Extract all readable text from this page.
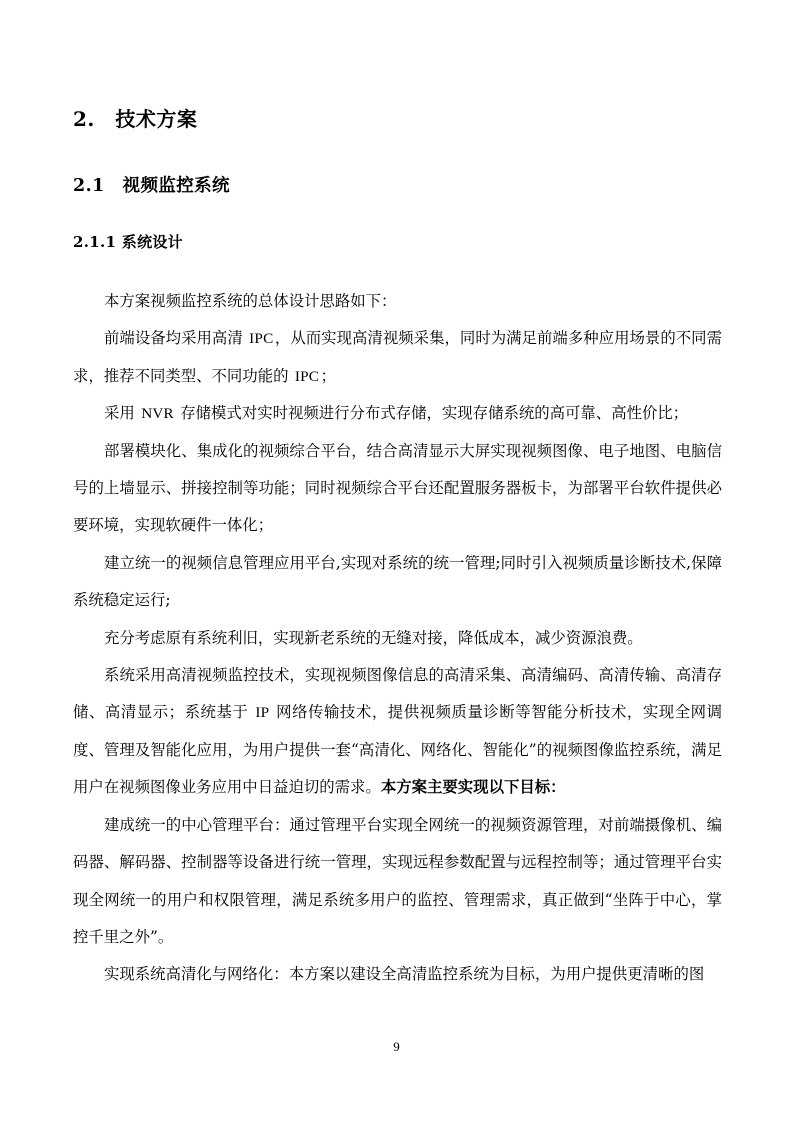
2.　技术方案
2.1　视频监控系统
2.1.1 系统设计

本方案视频监控系统的总体设计思路如下：

前端设备均采用高清 IPC，从而实现高清视频采集，同时为满足前端多种应用场景的不同需求，推荐不同类型、不同功能的 IPC；

采用 NVR 存储模式对实时视频进行分布式存储，实现存储系统的高可靠、高性价比；

部署模块化、集成化的视频综合平台，结合高清显示大屏实现视频图像、电子地图、电脑信号的上墙显示、拼接控制等功能；同时视频综合平台还配置服务器板卡，为部署平台软件提供必要环境，实现软硬件一体化；

建立统一的视频信息管理应用平台,实现对系统的统一管理;同时引入视频质量诊断技术,保障系统稳定运行;

充分考虑原有系统利旧，实现新老系统的无缝对接，降低成本，减少资源浪费。

系统采用高清视频监控技术，实现视频图像信息的高清采集、高清编码、高清传输、高清存储、高清显示；系统基于 IP 网络传输技术，提供视频质量诊断等智能分析技术，实现全网调度、管理及智能化应用，为用户提供一套“高清化、网络化、智能化”的视频图像监控系统，满足用户在视频图像业务应用中日益迫切的需求。本方案主要实现以下目标：

建成统一的中心管理平台：通过管理平台实现全网统一的视频资源管理，对前端摄像机、编码器、解码器、控制器等设备进行统一管理，实现远程参数配置与远程控制等；通过管理平台实现全网统一的用户和权限管理，满足系统多用户的监控、管理需求，真正做到“坐阵于中心，掌控千里之外”。

实现系统高清化与网络化：本方案以建设全高清监控系统为目标，为用户提供更清晰的图

9
